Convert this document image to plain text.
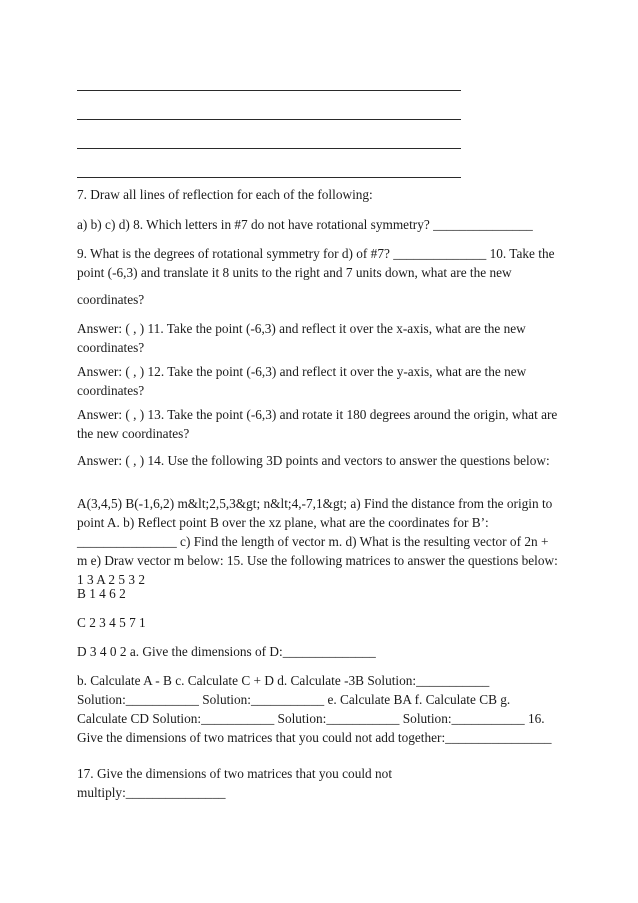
7. Draw all lines of reflection for each of the following:

a) b) c) d) 8. Which letters in #7 do not have rotational symmetry? _______________

9. What is the degrees of rotational symmetry for d) of #7? ______________ 10. Take the point (-6,3) and translate it 8 units to the right and 7 units down, what are the new

coordinates?

Answer: ( , ) 11. Take the point (-6,3) and reflect it over the x-axis, what are the new coordinates?

Answer: ( , ) 12. Take the point (-6,3) and reflect it over the y-axis, what are the new coordinates?

Answer: ( , ) 13. Take the point (-6,3) and rotate it 180 degrees around the origin, what are the new coordinates?

Answer: ( , ) 14. Use the following 3D points and vectors to answer the questions below:

A(3,4,5) B(-1,6,2) m&lt;2,5,3&gt; n&lt;4,-7,1&gt; a) Find the distance from the origin to point A. b) Reflect point B over the xz plane, what are the coordinates for B’: _______________ c) Find the length of vector m. d) What is the resulting vector of 2n + m e) Draw vector m below: 15. Use the following matrices to answer the questions below: 1 3 A 2 5 3 2

B 1 4 6 2

C 2 3 4 5 7 1

D 3 4 0 2 a. Give the dimensions of D:______________

b. Calculate A - B c. Calculate C + D d. Calculate -3B Solution:___________ Solution:___________ Solution:___________ e. Calculate BA f. Calculate CB g. Calculate CD Solution:___________ Solution:___________ Solution:___________ 16. Give the dimensions of two matrices that you could not add together:________________

17. Give the dimensions of two matrices that you could not multiply:_______________
